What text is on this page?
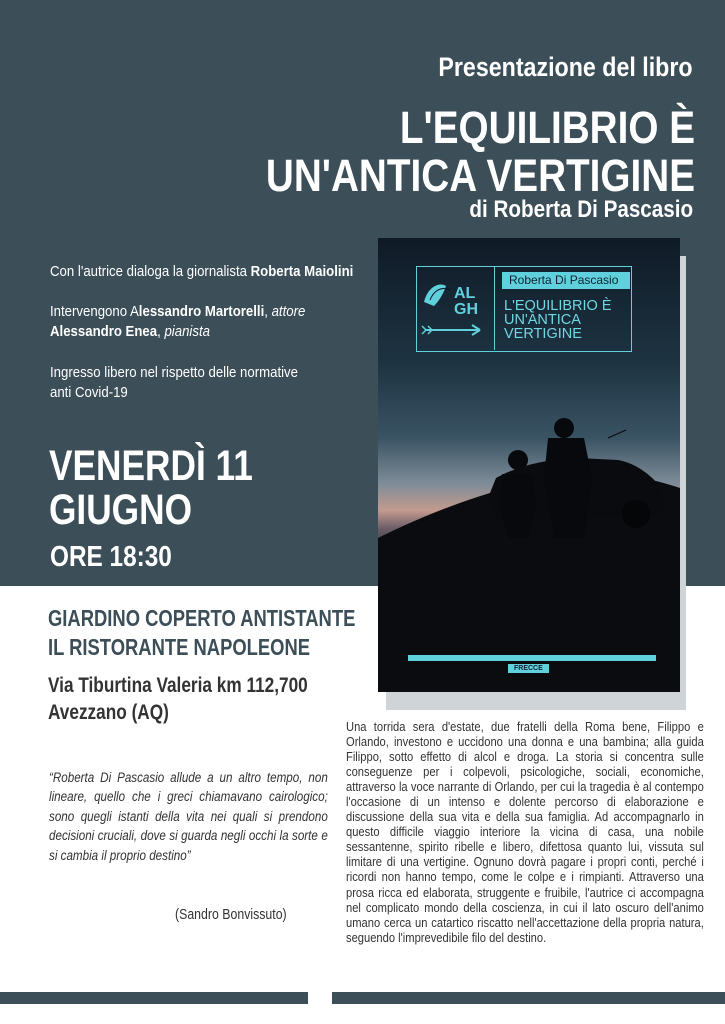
Presentazione del libro
L'EQUILIBRIO È
UN'ANTICA VERTIGINE
di Roberta Di Pascasio
Con l'autrice dialoga la giornalista Roberta Maiolini
Intervengono Alessandro Martorelli, attore
Alessandro Enea, pianista
Ingresso libero nel rispetto delle normative
anti Covid-19
VENERDÌ 11
GIUGNO
ORE 18:30
GIARDINO COPERTO ANTISTANTE
IL RISTORANTE NAPOLEONE
Via Tiburtina Valeria km 112,700
Avezzano (AQ)
AL
GH
Roberta Di Pascasio
L'EQUILIBRIO È
UN'ANTICA
VERTIGINE
FRECCE
“Roberta Di Pascasio allude a un altro tempo, non lineare, quello che i greci chiamavano cairologico; sono quegli istanti della vita nei quali si prendono decisioni cruciali, dove si guarda negli occhi la sorte e si cambia il proprio destino”
(Sandro Bonvissuto)
Una torrida sera d'estate, due fratelli della Roma bene, Filippo e Orlando, investono e uccidono una donna e una bambina; alla guida Filippo, sotto effetto di alcol e droga. La storia si concentra sulle conseguenze per i colpevoli, psicologiche, sociali, economiche, attraverso la voce narrante di Orlando, per cui la tragedia è al contempo l'occasione di un intenso e dolente percorso di elaborazione e discussione della sua vita e della sua famiglia. Ad accompagnarlo in questo difficile viaggio interiore la vicina di casa, una nobile sessantenne, spirito ribelle e libero, difettosa quanto lui, vissuta sul limitare di una vertigine. Ognuno dovrà pagare i propri conti, perché i ricordi non hanno tempo, come le colpe e i rimpianti. Attraverso una prosa ricca ed elaborata, struggente e fruibile, l'autrice ci accompagna nel complicato mondo della coscienza, in cui il lato oscuro dell'animo umano cerca un catartico riscatto nell'accettazione della propria natura, seguendo l'imprevedibile filo del destino.
